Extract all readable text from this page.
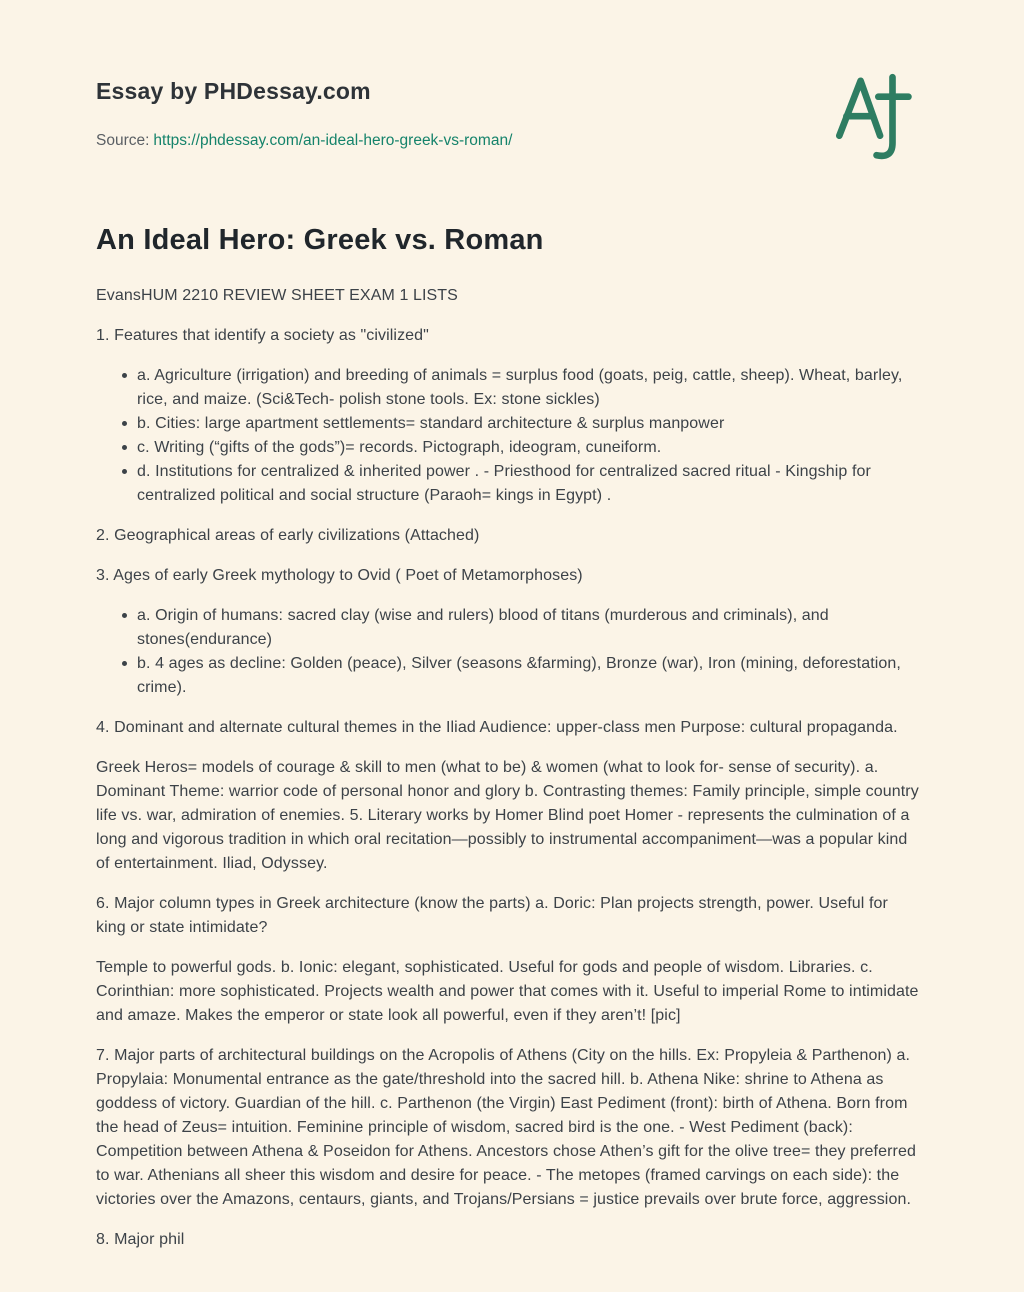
Essay by PHDessay.com
Source: https://phdessay.com/an-ideal-hero-greek-vs-roman/
An Ideal Hero: Greek vs. Roman

EvansHUM 2210 REVIEW SHEET EXAM 1 LISTS

1. Features that identify a society as "civilized"

a. Agriculture (irrigation) and breeding of animals = surplus food (goats, peig, cattle, sheep). Wheat, barley, rice, and maize. (Sci&Tech- polish stone tools. Ex: stone sickles)
b. Cities: large apartment settlements= standard architecture & surplus manpower
c. Writing (“gifts of the gods”)= records. Pictograph, ideogram, cuneiform.
d. Institutions for centralized & inherited power . - Priesthood for centralized sacred ritual - Kingship for centralized political and social structure (Paraoh= kings in Egypt) .

2. Geographical areas of early civilizations (Attached)

3. Ages of early Greek mythology to Ovid ( Poet of Metamorphoses)

a. Origin of humans: sacred clay (wise and rulers) blood of titans (murderous and criminals), and stones(endurance)
b. 4 ages as decline: Golden (peace), Silver (seasons &farming), Bronze (war), Iron (mining, deforestation, crime).

4. Dominant and alternate cultural themes in the Iliad Audience: upper-class men Purpose: cultural propaganda.

Greek Heros= models of courage & skill to men (what to be) & women (what to look for- sense of security). a. Dominant Theme: warrior code of personal honor and glory b. Contrasting themes: Family principle, simple country life vs. war, admiration of enemies. 5. Literary works by Homer Blind poet Homer - represents the culmination of a long and vigorous tradition in which oral recitation—possibly to instrumental accompaniment—was a popular kind of entertainment. Iliad, Odyssey.

6. Major column types in Greek architecture (know the parts) a. Doric: Plan projects strength, power. Useful for king or state intimidate?

Temple to powerful gods. b. Ionic: elegant, sophisticated. Useful for gods and people of wisdom. Libraries. c. Corinthian: more sophisticated. Projects wealth and power that comes with it. Useful to imperial Rome to intimidate and amaze. Makes the emperor or state look all powerful, even if they aren’t! [pic]

7. Major parts of architectural buildings on the Acropolis of Athens (City on the hills. Ex: Propyleia & Parthenon) a. Propylaia: Monumental entrance as the gate/threshold into the sacred hill. b. Athena Nike: shrine to Athena as goddess of victory. Guardian of the hill. c. Parthenon (the Virgin) East Pediment (front): birth of Athena. Born from the head of Zeus= intuition. Feminine principle of wisdom, sacred bird is the one. - West Pediment (back): Competition between Athena & Poseidon for Athens. Ancestors chose Athen’s gift for the olive tree= they preferred to war. Athenians all sheer this wisdom and desire for peace. - The metopes (framed carvings on each side): the victories over the Amazons, centaurs, giants, and Trojans/Persians = justice prevails over brute force, aggression.

8. Major phil
